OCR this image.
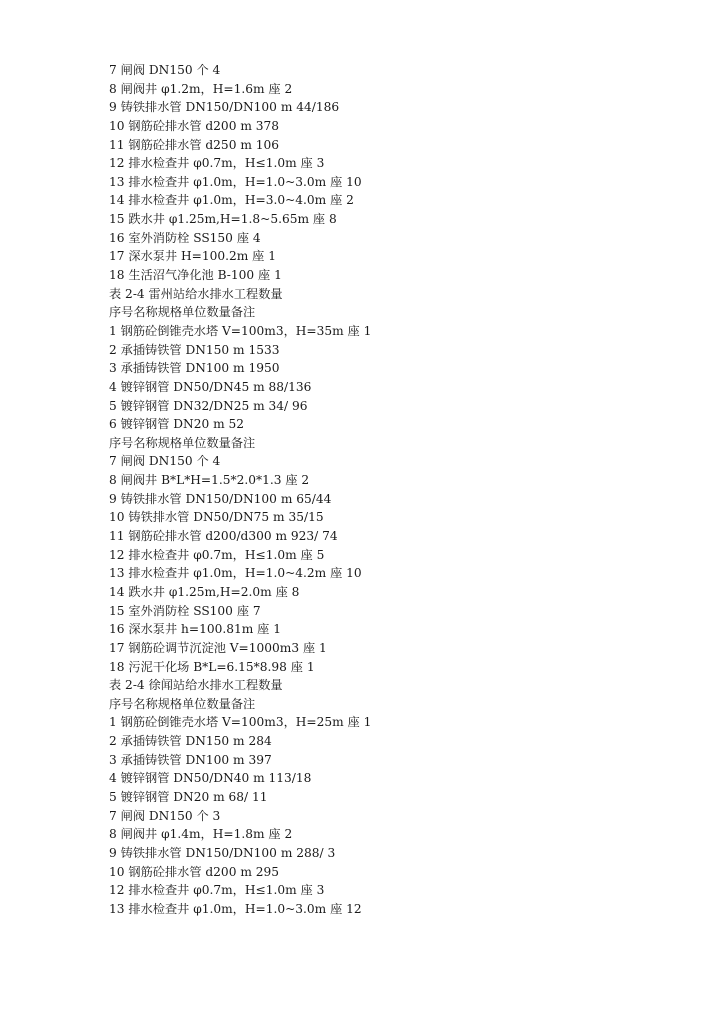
7 闸阀 DN150 个 4
8 闸阀井 φ1.2m，H=1.6m 座 2
9 铸铁排水管 DN150/DN100 m 44/186
10 钢筋砼排水管 d200 m 378
11 钢筋砼排水管 d250 m 106
12 排水检查井 φ0.7m，H≤1.0m 座 3
13 排水检查井 φ1.0m，H=1.0~3.0m 座 10
14 排水检查井 φ1.0m，H=3.0~4.0m 座 2
15 跌水井 φ1.25m,H=1.8~5.65m 座 8
16 室外消防栓 SS150 座 4
17 深水泵井 H=100.2m 座 1
18 生活沼气净化池 B-100 座 1
表 2-4 雷州站给水排水工程数量
序号名称规格单位数量备注
1 钢筋砼倒锥壳水塔 V=100m3，H=35m 座 1
2 承插铸铁管 DN150 m 1533
3 承插铸铁管 DN100 m 1950
4 镀锌钢管 DN50/DN45 m 88/136
5 镀锌钢管 DN32/DN25 m 34/ 96
6 镀锌钢管 DN20 m 52
序号名称规格单位数量备注
7 闸阀 DN150 个 4
8 闸阀井 B*L*H=1.5*2.0*1.3 座 2
9 铸铁排水管 DN150/DN100 m 65/44
10 铸铁排水管 DN50/DN75 m 35/15
11 钢筋砼排水管 d200/d300 m 923/ 74
12 排水检查井 φ0.7m，H≤1.0m 座 5
13 排水检查井 φ1.0m，H=1.0~4.2m 座 10
14 跌水井 φ1.25m,H=2.0m 座 8
15 室外消防栓 SS100 座 7
16 深水泵井 h=100.81m 座 1
17 钢筋砼调节沉淀池 V=1000m3 座 1
18 污泥干化场 B*L=6.15*8.98 座 1
表 2-4 徐闻站给水排水工程数量
序号名称规格单位数量备注
1 钢筋砼倒锥壳水塔 V=100m3，H=25m 座 1
2 承插铸铁管 DN150 m 284
3 承插铸铁管 DN100 m 397
4 镀锌钢管 DN50/DN40 m 113/18
5 镀锌钢管 DN20 m 68/ 11
7 闸阀 DN150 个 3
8 闸阀井 φ1.4m，H=1.8m 座 2
9 铸铁排水管 DN150/DN100 m 288/ 3
10 钢筋砼排水管 d200 m 295
12 排水检查井 φ0.7m，H≤1.0m 座 3
13 排水检查井 φ1.0m，H=1.0~3.0m 座 12
